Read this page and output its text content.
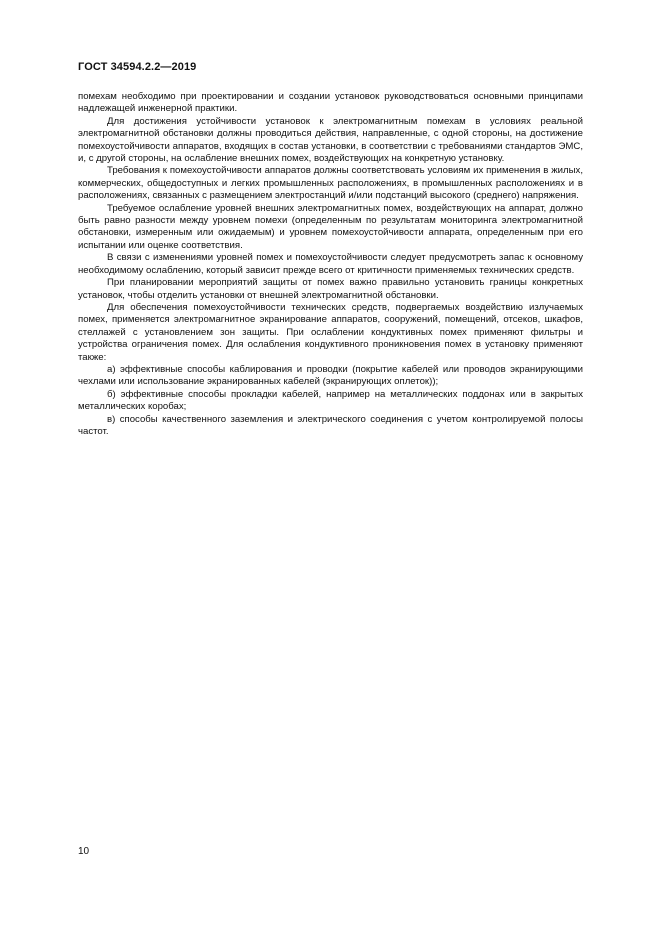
ГОСТ 34594.2.2—2019

помехам необходимо при проектировании и создании установок руководствоваться основными принципами надлежащей инженерной практики.

Для достижения устойчивости установок к электромагнитным помехам в условиях реальной электромагнитной обстановки должны проводиться действия, направленные, с одной стороны, на достижение помехоустойчивости аппаратов, входящих в состав установки, в соответствии с требованиями стандартов ЭМС, и, с другой стороны, на ослабление внешних помех, воздействующих на конкретную установку.

Требования к помехоустойчивости аппаратов должны соответствовать условиям их применения в жилых, коммерческих, общедоступных и легких промышленных расположениях, в промышленных расположениях и в расположениях, связанных с размещением электростанций и/или подстанций высокого (среднего) напряжения.

Требуемое ослабление уровней внешних электромагнитных помех, воздействующих на аппарат, должно быть равно разности между уровнем помехи (определенным по результатам мониторинга электромагнитной обстановки, измеренным или ожидаемым) и уровнем помехоустойчивости аппарата, определенным при его испытании или оценке соответствия.

В связи с изменениями уровней помех и помехоустойчивости следует предусмотреть запас к основному необходимому ослаблению, который зависит прежде всего от критичности применяемых технических средств.

При планировании мероприятий защиты от помех важно правильно установить границы конкретных установок, чтобы отделить установки от внешней электромагнитной обстановки.

Для обеспечения помехоустойчивости технических средств, подвергаемых воздействию излучаемых помех, применяется электромагнитное экранирование аппаратов, сооружений, помещений, отсеков, шкафов, стеллажей с установлением зон защиты. При ослаблении кондуктивных помех применяют фильтры и устройства ограничения помех. Для ослабления кондуктивного проникновения помех в установку применяют также:

а) эффективные способы каблирования и проводки (покрытие кабелей или проводов экранирующими чехлами или использование экранированных кабелей (экранирующих оплеток));

б) эффективные способы прокладки кабелей, например на металлических поддонах или в закрытых металлических коробах;

в) способы качественного заземления и электрического соединения с учетом контролируемой полосы частот.

10
